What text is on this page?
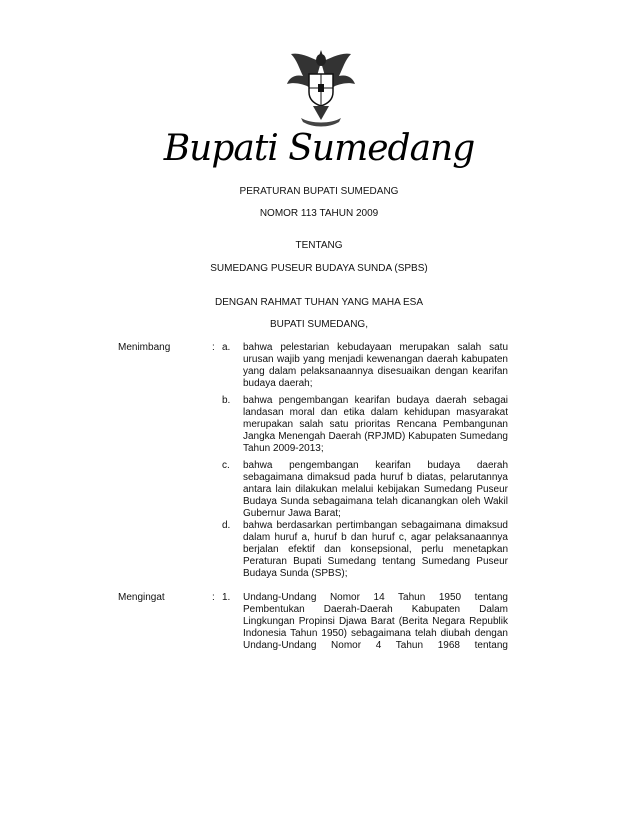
Bupati Sumedang
PERATURAN BUPATI SUMEDANG
NOMOR 113 TAHUN 2009
TENTANG
SUMEDANG PUSEUR BUDAYA SUNDA (SPBS)
DENGAN RAHMAT TUHAN YANG MAHA ESA
BUPATI SUMEDANG,
Menimbang	: a. bahwa pelestarian kebudayaan merupakan salah satu urusan wajib yang menjadi kewenangan daerah kabupaten yang dalam pelaksanaannya disesuaikan dengan kearifan budaya daerah;
b. bahwa pengembangan kearifan budaya daerah sebagai landasan moral dan etika dalam kehidupan masyarakat merupakan salah satu prioritas Rencana Pembangunan Jangka Menengah Daerah (RPJMD) Kabupaten Sumedang Tahun 2009-2013;
c. bahwa pengembangan kearifan budaya daerah sebagaimana dimaksud pada huruf b diatas, pelarutannya antara lain dilakukan melalui kebijakan Sumedang Puseur Budaya Sunda sebagaimana telah dicanangkan oleh Wakil Gubernur Jawa Barat;
d. bahwa berdasarkan pertimbangan sebagaimana dimaksud dalam huruf a, huruf b dan huruf c, agar pelaksanaannya berjalan efektif dan konsepsional, perlu menetapkan Peraturan Bupati Sumedang tentang Sumedang Puseur Budaya Sunda (SPBS);
Mengingat	: 1. Undang-Undang Nomor 14 Tahun 1950 tentang Pembentukan Daerah-Daerah Kabupaten Dalam Lingkungan Propinsi Djawa Barat (Berita Negara Republik Indonesia Tahun 1950) sebagaimana telah diubah dengan Undang-Undang Nomor 4 Tahun 1968 tentang
